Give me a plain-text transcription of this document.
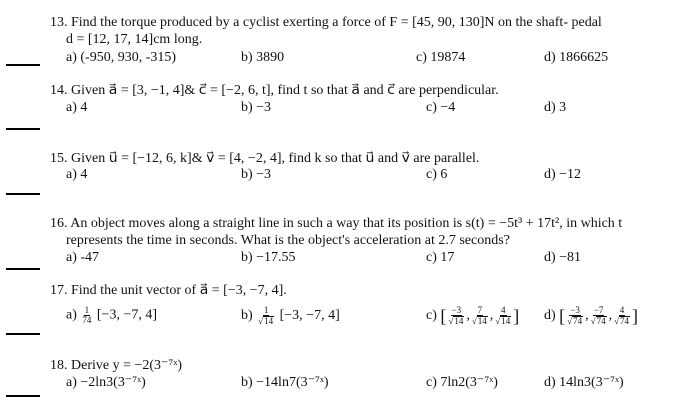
13. Find the torque produced by a cyclist exerting a force of F = [45, 90, 130]N on the shaft- pedal
d = [12, 17, 14]cm long.
a) (-950, 930, -315)	b) 3890	c) 19874	d) 1866625
14. Given a⃗ = [3, −1, 4]& c⃗ = [−2, 6, t], find t so that a⃗ and c⃗ are perpendicular.
a) 4	b) −3	c) −4	d) 3
15. Given u⃗ = [−12, 6, k]& v⃗ = [4, −2, 4], find k so that u⃗ and v⃗ are parallel.
a) 4	b) −3	c) 6	d) −12
16. An object moves along a straight line in such a way that its position is s(t) = −5t³ + 17t², in which t
represents the time in seconds. What is the object's acceleration at 2.7 seconds?
a) -47	b) −17.55	c) 17	d) −81
17. Find the unit vector of a⃗ = [−3, −7, 4].
$a) \frac{1}{74} [-3$, −7, 4]	$b) \frac{1}{√14} [-3$, −7, 4]	c) [ $\frac{-3}{√14}$ , $\frac{7}{√14}$ , $\frac{4}{√14}$ ] d) [ $\frac{-3}{√74}$ , $\frac{-7}{√74}$ , $\frac{4}{√74}$ ]
18. Derive y = −2(3⁻⁷ˣ)
a) −2ln3(3⁻⁷ˣ)	b) −14ln7(3⁻⁷ˣ)	c) 7ln2(3⁻⁷ˣ)	d) 14ln3(3⁻⁷ˣ)
